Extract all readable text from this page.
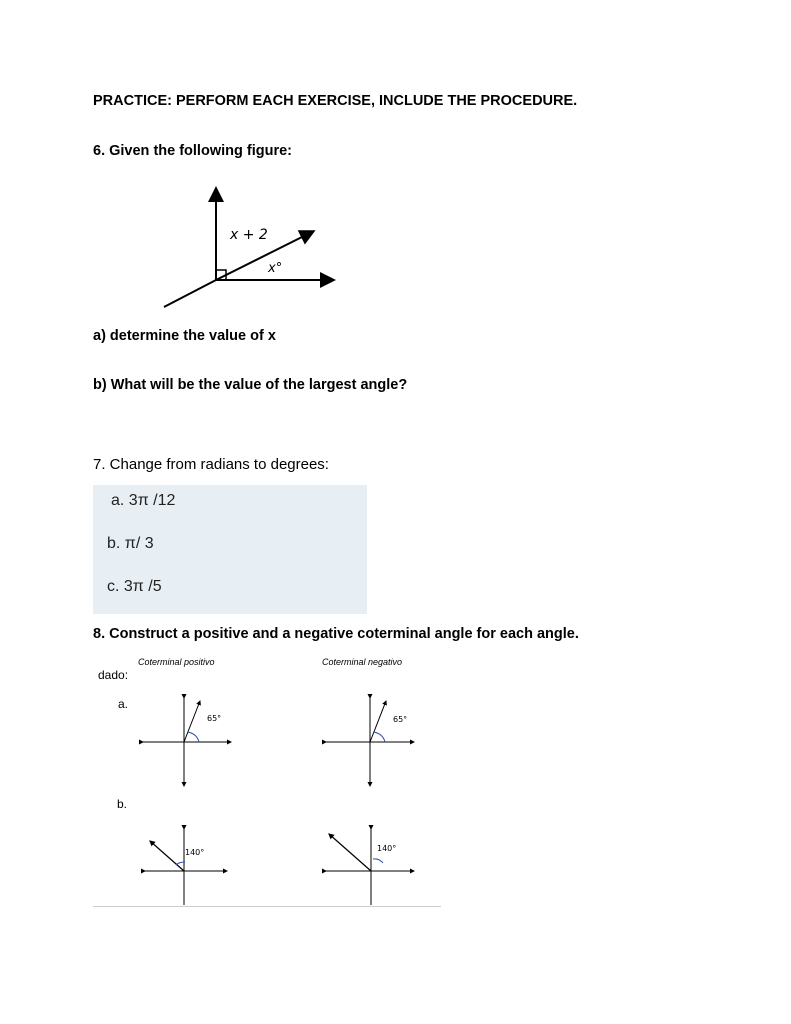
PRACTICE: PERFORM EACH EXERCISE, INCLUDE THE PROCEDURE.
6. Given the following figure:
x + 2
x°
a) determine the value of x
b) What will be the value of the largest angle?
7. Change from radians to degrees:
a. 3π /12
b. π/ 3
c. 3π /5
8. Construct a positive and a negative coterminal angle for each angle.
Coterminal positivo	Coterminal negativo
dado:
a.
b.
65°	65°
140°	140°
